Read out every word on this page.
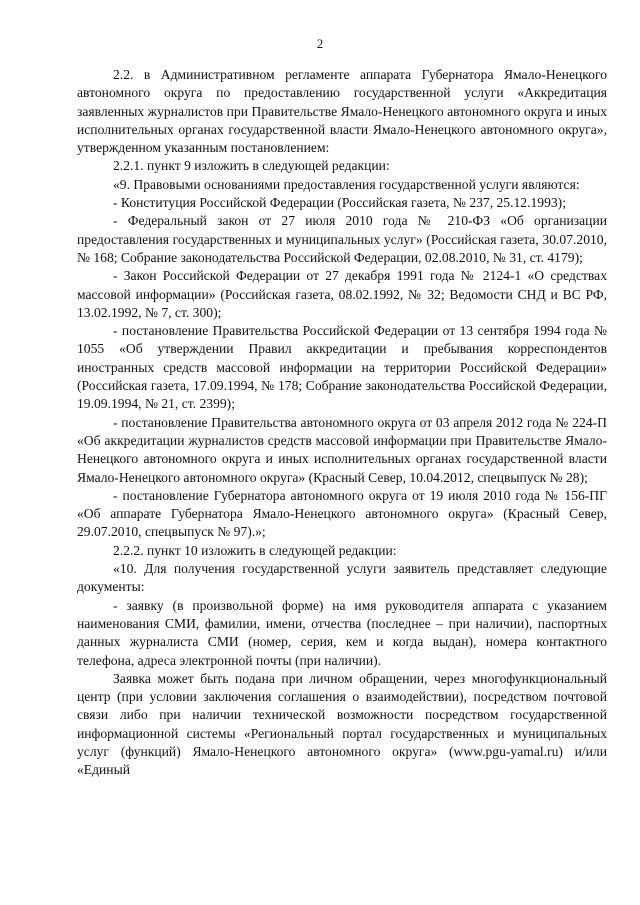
2

2.2. в Административном регламенте аппарата Губернатора Ямало-Ненецкого автономного округа по предоставлению государственной услуги «Аккредитация заявленных журналистов при Правительстве Ямало-Ненецкого автономного округа и иных исполнительных органах государственной власти Ямало-Ненецкого автономного округа», утвержденном указанным постановлением:

2.2.1. пункт 9 изложить в следующей редакции:

«9. Правовыми основаниями предоставления государственной услуги являются:

- Конституция Российской Федерации (Российская газета, № 237, 25.12.1993);

- Федеральный закон от 27 июля 2010 года № 210-ФЗ «Об организации предоставления государственных и муниципальных услуг» (Российская газета, 30.07.2010, № 168; Собрание законодательства Российской Федерации, 02.08.2010, № 31, ст. 4179);

- Закон Российской Федерации от 27 декабря 1991 года № 2124-1 «О средствах массовой информации» (Российская газета, 08.02.1992, № 32; Ведомости СНД и ВС РФ, 13.02.1992, № 7, ст. 300);

- постановление Правительства Российской Федерации от 13 сентября 1994 года № 1055 «Об утверждении Правил аккредитации и пребывания корреспондентов иностранных средств массовой информации на территории Российской Федерации» (Российская газета, 17.09.1994, № 178; Собрание законодательства Российской Федерации, 19.09.1994, № 21, ст. 2399);

- постановление Правительства автономного округа от 03 апреля 2012 года № 224-П «Об аккредитации журналистов средств массовой информации при Правительстве Ямало-Ненецкого автономного округа и иных исполнительных органах государственной власти Ямало-Ненецкого автономного округа» (Красный Север, 10.04.2012, спецвыпуск № 28);

- постановление Губернатора автономного округа от 19 июля 2010 года № 156-ПГ «Об аппарате Губернатора Ямало-Ненецкого автономного округа» (Красный Север, 29.07.2010, спецвыпуск № 97).»;

2.2.2. пункт 10 изложить в следующей редакции:

«10. Для получения государственной услуги заявитель представляет следующие документы:

- заявку (в произвольной форме) на имя руководителя аппарата с указанием наименования СМИ, фамилии, имени, отчества (последнее – при наличии), паспортных данных журналиста СМИ (номер, серия, кем и когда выдан), номера контактного телефона, адреса электронной почты (при наличии).

Заявка может быть подана при личном обращении, через многофункциональный центр (при условии заключения соглашения о взаимодействии), посредством почтовой связи либо при наличии технической возможности посредством государственной информационной системы «Региональный портал государственных и муниципальных услуг (функций) Ямало-Ненецкого автономного округа» (www.pgu-yamal.ru) и/или «Единый
